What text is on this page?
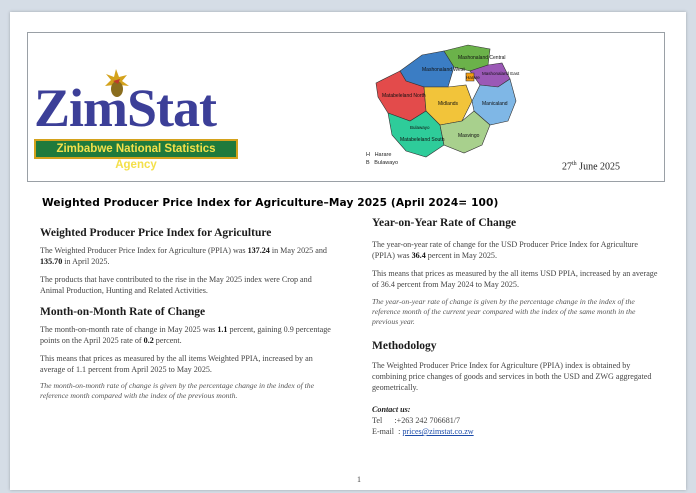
ZimStat
Zimbabwe National Statistics Agency
Mashonaland West
Mashonaland Central
Mashonaland East
Harare
Matabeleland North
Midlands	Manicaland
Bulawayo
Matabeleland South
Masvingo
H Harare
B Bulawayo	27th June 2025
Weighted Producer Price Index for Agriculture–May 2025 (April 2024= 100)
Weighted Producer Price Index for Agriculture

The Weighted Producer Price Index for Agriculture (PPIA) was 137.24 in May 2025 and 135.70 in April 2025.

The products that have contributed to the rise in the May 2025 index were Crop and Animal Production, Hunting and Related Activities.

Month-on-Month Rate of Change

The month-on-month rate of change in May 2025 was 1.1 percent, gaining 0.9 percentage points on the April 2025 rate of 0.2 percent.

This means that prices as measured by the all items Weighted PPIA, increased by an average of 1.1 percent from April 2025 to May 2025.

The month-on-month rate of change is given by the percentage change in the index of the reference month compared with the index of the previous month.

Year-on-Year Rate of Change

The year-on-year rate of change for the USD Producer Price Index for Agriculture (PPIA) was 36.4 percent in May 2025.

This means that prices as measured by the all items USD PPIA, increased by an average of 36.4 percent from May 2024 to May 2025.

The year-on-year rate of change is given by the percentage change in the index of the reference month of the current year compared with the index of the same month in the previous year.

Methodology

The Weighted Producer Price Index for Agriculture (PPIA) index is obtained by combining price changes of goods and services in both the USD and ZWG aggregated geometrically.

Contact us:

Tel :+263 242 706681/7

E-mail  : prices@zimstat.co.zw

1
